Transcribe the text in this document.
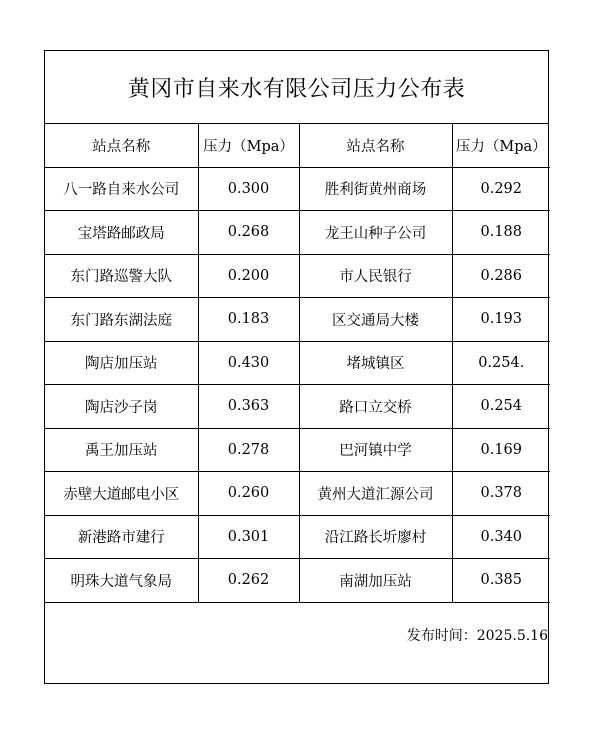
黄冈市自来水有限公司压力公布表
站点名称	压力（Mpa）	站点名称	压力（Mpa）
八一路自来水公司	0.300	胜利街黄州商场	0.292
宝塔路邮政局	0.268	龙王山种子公司	0.188
东门路巡警大队	0.200	市人民银行	0.286
东门路东湖法庭	0.183	区交通局大楼	0.193
陶店加压站	0.430	堵城镇区	0.254.
陶店沙子岗	0.363	路口立交桥	0.254
禹王加压站	0.278	巴河镇中学	0.169
赤壁大道邮电小区	0.260	黄州大道汇源公司	0.378
新港路市建行	0.301	沿江路长圻廖村	0.340
明珠大道气象局	0.262	南湖加压站	0.385
发布时间：2025.5.16
